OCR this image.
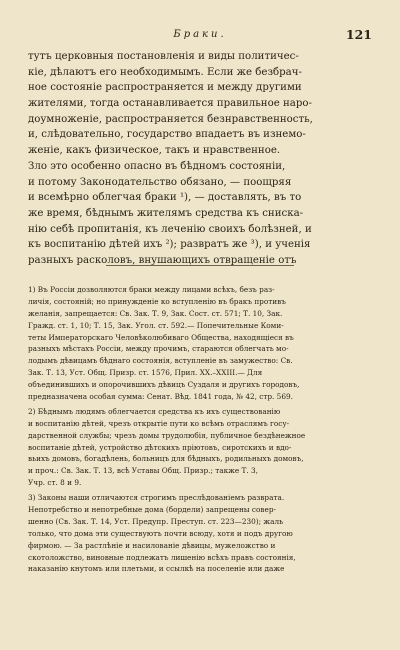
Браки.	121
тутъ церковныя постановленія и виды политичес-
кіе, дѣлаютъ его необходимымъ. Если же безбрач-
ное состояніе распространяется и между другими
жителями, тогда останавливается правильное наро-
доумноженіе, распространяется безнравственность,
и, слѣдовательно, государство впадаетъ въ изнемо-
женіе, какъ физическое, такъ и нравственное.
Зло это особенно опасно въ бѣдномъ состояніи,
и потому Законодательство обязано, — поощряя
и всемѣрно облегчая браки ¹), — доставлять, въ то
же время, бѣднымъ жителямъ средства къ сниска-
нію себѣ пропитанія, къ леченію своихъ болѣзней, и
къ воспитанію дѣтей ихъ ²); развратъ же ³), и ученія
разныхъ расколовъ, внушающихъ отвращеніе отъ
1) Въ Россіи дозволяются браки между лицами всѣхъ, безъ раз-
личія, состояній; но принужденіе ко вступленію въ бракъ противъ
желанія, запрещается: Св. Зак. Т. 9, Зак. Сост. ст. 571; Т. 10, Зак.
Гражд. ст. 1, 10; Т. 15, Зак. Угол. ст. 592.— Попечительные Коми-
теты Императорскаго Человѣколюбиваго Общества, находящіеся въ
разныхъ мѣстахъ Россіи, между прочимъ, стараются облегчать мо-
лодымъ дѣвицамъ бѣднаго состоянія, вступленіе въ замужество: Св.
Зак. Т. 13, Уст. Общ. Призр. ст. 1576, Прил. XX.–XXIII.— Для
объединившихъ и опорочившихъ дѣвицъ Суздаля и другихъ городовъ,
предназначена особая сумма: Сенат. Вѣд. 1841 года, № 42, стр. 569.
2) Бѣднымъ людямъ облегчается средства къ ихъ существованію
и воспитанію дѣтей, чрезъ открытіе пути ко всѣмъ отраслямъ госу-
дарственной службы; чрезъ домы трудолюбія, публичное бездѣнежное
воспитаніе дѣтей, устройство дѣтскихъ пріютовъ, сиротскихъ и вдо-
вьихъ домовъ, богадѣлень, больницъ для бѣдныхъ, родильныхъ домовъ,
и проч.: Св. Зак. Т. 13, всѣ Уставы Общ. Призр.; также Т. 3,
Учр. ст. 8 и 9.
3) Законы наши отличаются строгимъ преслѣдованіемъ разврата.
Непотребство и непотребные дома (бордели) запрещены совер-
шенно (Св. Зак. Т. 14, Уст. Предупр. Преступ. ст. 223—230); жаль
только, что дома эти существуютъ почти всюду, хотя и подъ другою
фирмою. — За растлѣніе и насилованіе дѣвицы, мужеложство и
скотоложство, виновные подлежатъ лишенію всѣхъ правъ состоянія,
наказанію кнутомъ или плетьми, и ссылкѣ на поселеніе или даже
